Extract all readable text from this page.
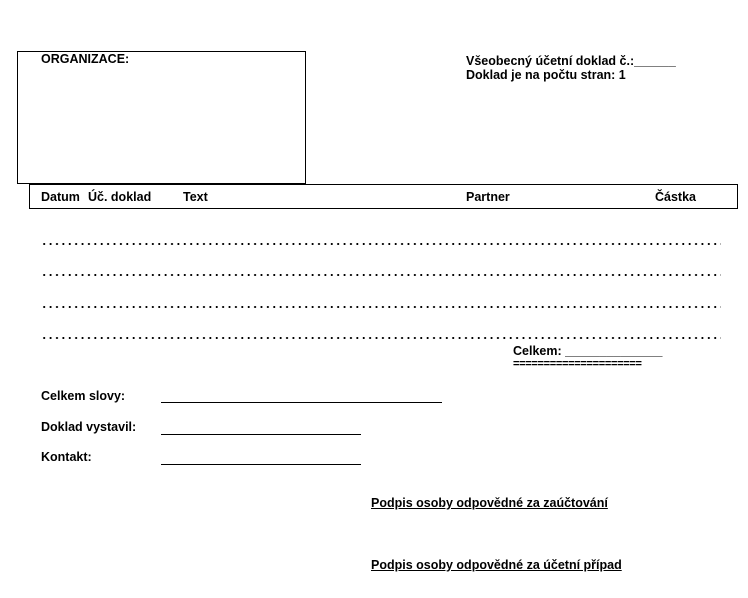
ORGANIZACE:	Všeobecný účetní doklad č.:______
Doklad je na počtu stran: 1
Datum Úč. doklad	Text	Partner	Částka
Celkem: ______________
=====================
Celkem slovy:
Doklad vystavil:
Kontakt:
Podpis osoby odpovědné za zaúčtování
Podpis osoby odpovědné za účetní případ
